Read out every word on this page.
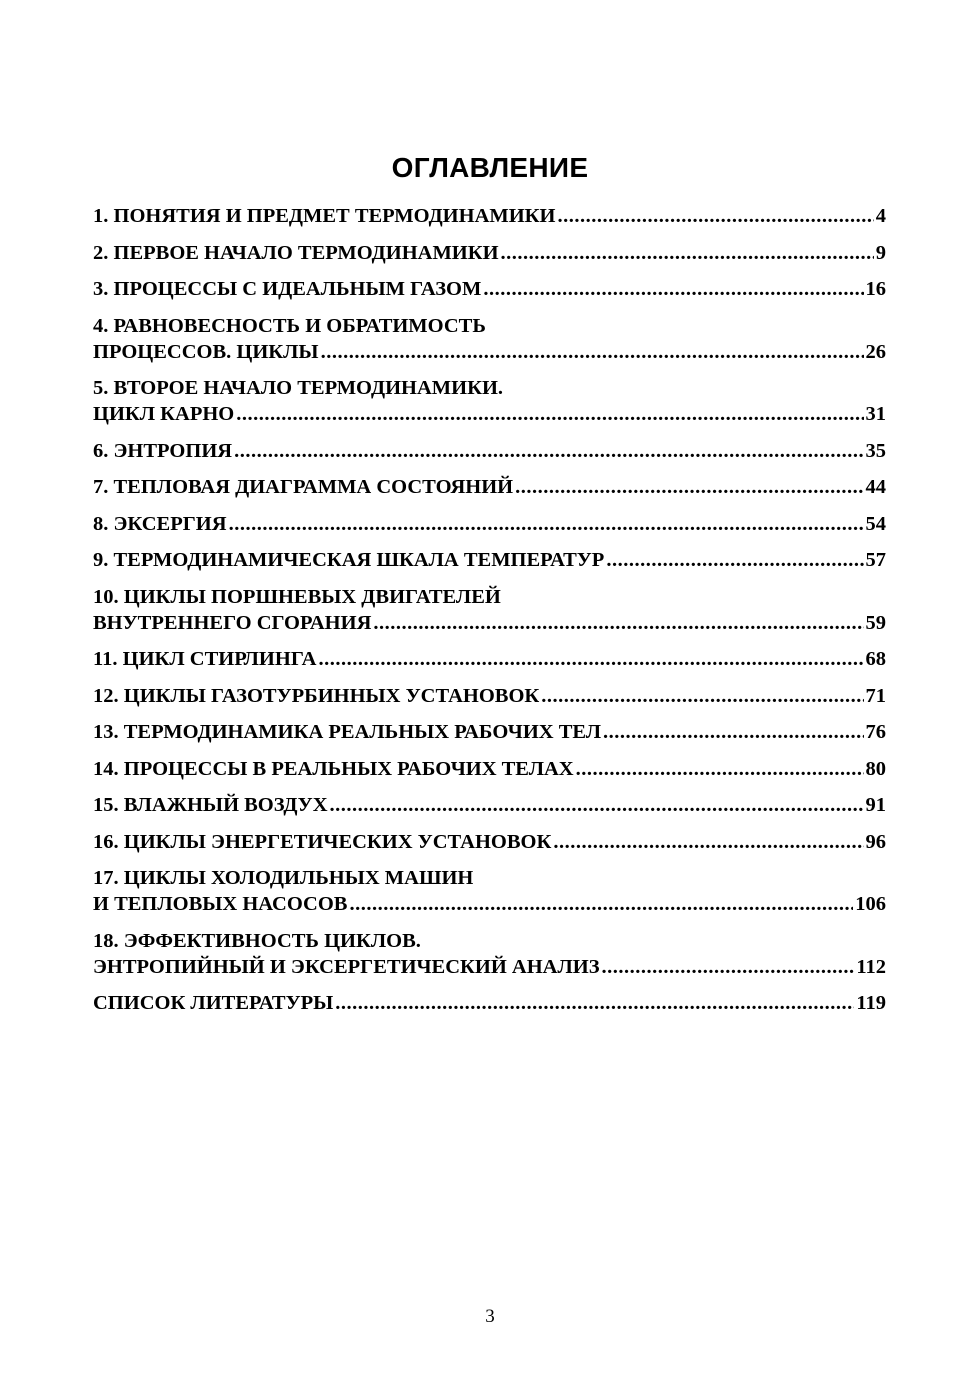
ОГЛАВЛЕНИЕ
1. ПОНЯТИЯ И ПРЕДМЕТ ТЕРМОДИНАМИКИ .....	4
2. ПЕРВОЕ НАЧАЛО ТЕРМОДИНАМИКИ .....	9
3. ПРОЦЕССЫ С ИДЕАЛЬНЫМ ГАЗОМ .....	16
4. РАВНОВЕСНОСТЬ И ОБРАТИМОСТЬ
ПРОЦЕССОВ. ЦИКЛЫ .....	26
5. ВТОРОЕ НАЧАЛО ТЕРМОДИНАМИКИ.
ЦИКЛ КАРНО .....	31
6. ЭНТРОПИЯ .....	35
7. ТЕПЛОВАЯ ДИАГРАММА СОСТОЯНИЙ .....	44
8. ЭКСЕРГИЯ .....	54
9. ТЕРМОДИНАМИЧЕСКАЯ ШКАЛА ТЕМПЕРАТУР .....	57
10. ЦИКЛЫ ПОРШНЕВЫХ ДВИГАТЕЛЕЙ
ВНУТРЕННЕГО СГОРАНИЯ .....	59
11. ЦИКЛ СТИРЛИНГА .....	68
12. ЦИКЛЫ ГАЗОТУРБИННЫХ УСТАНОВОК .....	71
13. ТЕРМОДИНАМИКА РЕАЛЬНЫХ РАБОЧИХ ТЕЛ .....	76
14. ПРОЦЕССЫ В РЕАЛЬНЫХ РАБОЧИХ ТЕЛАХ .....	80
15. ВЛАЖНЫЙ ВОЗДУХ .....	91
16. ЦИКЛЫ ЭНЕРГЕТИЧЕСКИХ УСТАНОВОК .....	96
17. ЦИКЛЫ ХОЛОДИЛЬНЫХ МАШИН
И ТЕПЛОВЫХ НАСОСОВ .....	106
18. ЭФФЕКТИВНОСТЬ ЦИКЛОВ.
ЭНТРОПИЙНЫЙ И ЭКСЕРГЕТИЧЕСКИЙ АНАЛИЗ .....	112
СПИСОК ЛИТЕРАТУРЫ .....	119
3
